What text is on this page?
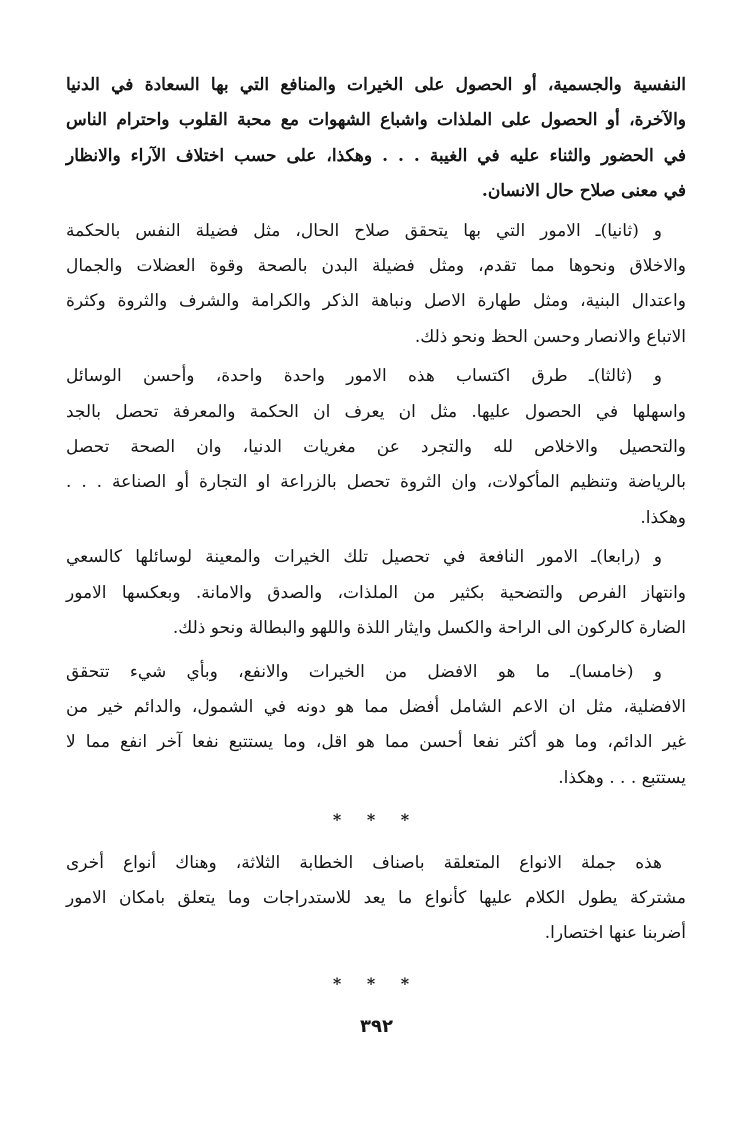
النفسية والجسمية، أو الحصول على الخيرات والمنافع التي بها السعادة في الدنيا
والآخرة، أو الحصول على الملذات واشباع الشهوات مع محبة القلوب واحترام الناس
في الحضور والثناء عليه في الغيبة . . . وهكذا، على حسب اختلاف الآراء والانظار
في معنى صلاح حال الانسان.
و (ثانيا)ـ الامور التي بها يتحقق صلاح الحال، مثل فضيلة النفس بالحكمة
والاخلاق ونحوها مما تقدم، ومثل فضيلة البدن بالصحة وقوة العضلات والجمال
واعتدال البنية، ومثل طهارة الاصل ونباهة الذكر والكرامة والشرف والثروة وكثرة
الاتباع والانصار وحسن الحظ ونحو ذلك.
و (ثالثا)ـ طرق اكتساب هذه الامور واحدة واحدة، وأحسن الوسائل
واسهلها في الحصول عليها. مثل ان يعرف ان الحكمة والمعرفة تحصل بالجد
والتحصيل والاخلاص لله والتجرد عن مغريات الدنيا، وان الصحة تحصل
بالرياضة وتنظيم المأكولات، وان الثروة تحصل بالزراعة او التجارة أو الصناعة . . .
وهكذا.
و (رابعا)ـ الامور النافعة في تحصيل تلك الخيرات والمعينة لوسائلها كالسعي
وانتهاز الفرص والتضحية بكثير من الملذات، والصدق والامانة. وبعكسها الامور
الضارة كالركون الى الراحة والكسل وايثار اللذة واللهو والبطالة ونحو ذلك.
و (خامسا)ـ ما هو الافضل من الخيرات والانفع، وبأي شيء تتحقق
الافضلية، مثل ان الاعم الشامل أفضل مما هو دونه في الشمول، والدائم خير من
غير الدائم، وما هو أكثر نفعا أحسن مما هو اقل، وما يستتبع نفعا آخر انفع مما لا
يستتبع . . . وهكذا.
* * *
هذه جملة الانواع المتعلقة باصناف الخطابة الثلاثة، وهناك أنواع أخرى
مشتركة يطول الكلام عليها كأنواع ما يعد للاستدراجات وما يتعلق بامكان الامور
أضربنا عنها اختصارا.
* * *
٣٩٢
